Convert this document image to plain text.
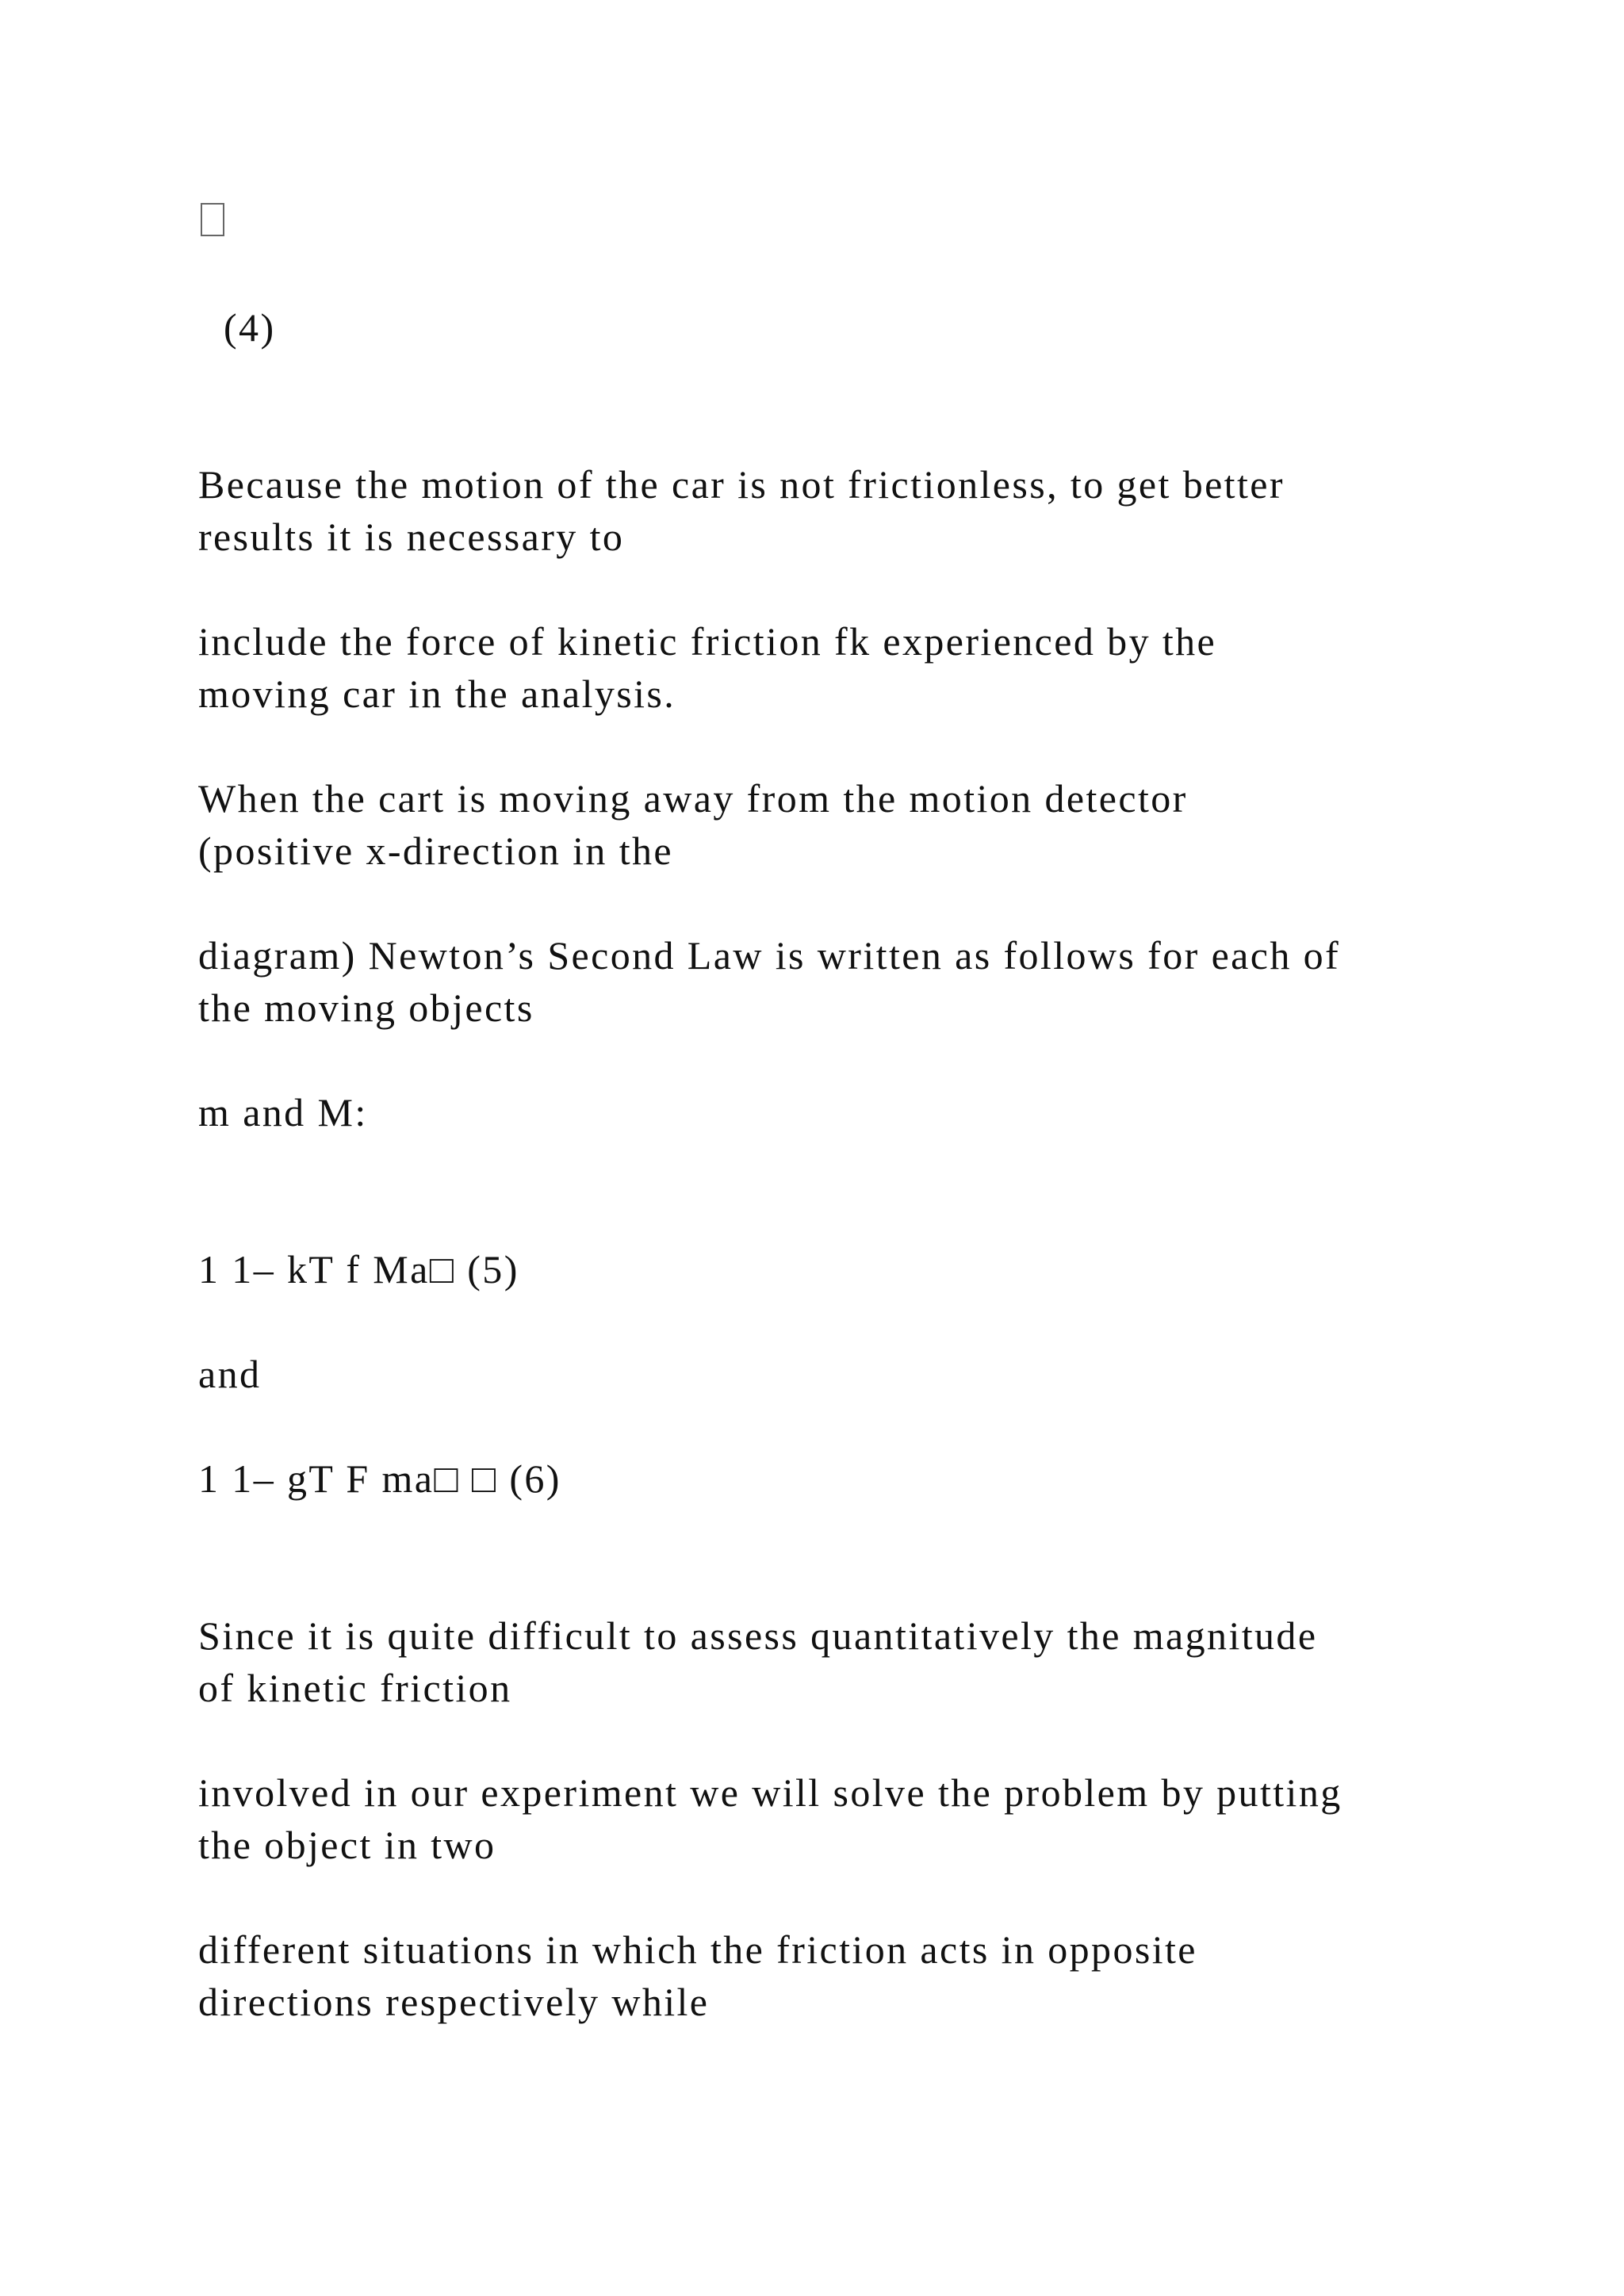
(4)
Because the motion of the car is not frictionless, to get better
results it is necessary to
include the force of kinetic friction fk experienced by the
moving car in the analysis.
When the cart is moving away from the motion detector
(positive x-direction in the
diagram) Newton’s Second Law is written as follows for each of
the moving objects
m and M:
1 1– kT f Ma□ (5)
and
1 1– gT F ma□ □ (6)
Since it is quite difficult to assess quantitatively the magnitude
of kinetic friction
involved in our experiment we will solve the problem by putting
the object in two
different situations in which the friction acts in opposite
directions respectively while
